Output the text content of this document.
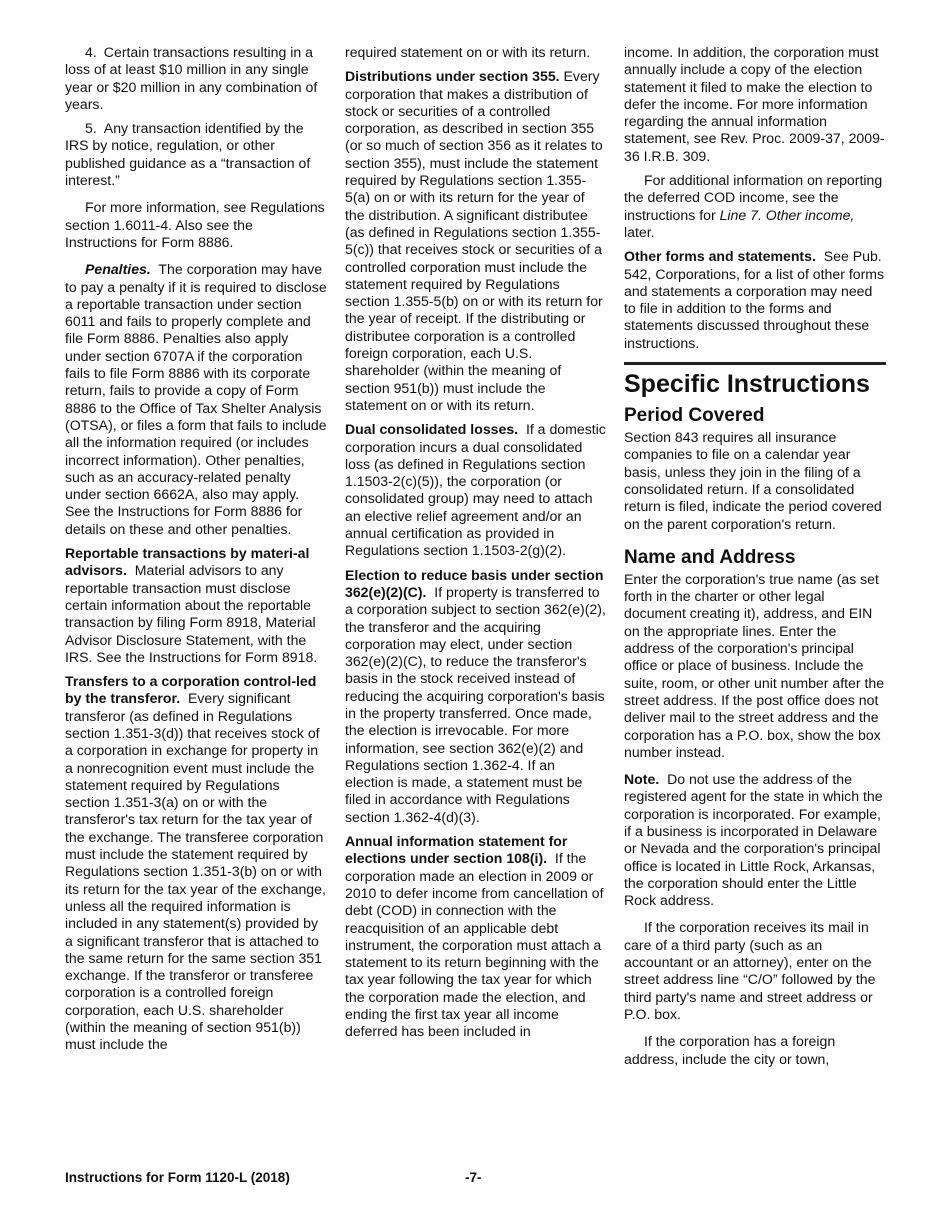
4. Certain transactions resulting in a loss of at least $10 million in any single year or $20 million in any combination of years.

5. Any transaction identified by the IRS by notice, regulation, or other published guidance as a “transaction of interest.”

For more information, see Regulations section 1.6011-4. Also see the Instructions for Form 8886.

Penalties. The corporation may have to pay a penalty if it is required to disclose a reportable transaction under section 6011 and fails to properly complete and file Form 8886. Penalties also apply under section 6707A if the corporation fails to file Form 8886 with its corporate return, fails to provide a copy of Form 8886 to the Office of Tax Shelter Analysis (OTSA), or files a form that fails to include all the information required (or includes incorrect information). Other penalties, such as an accuracy-related penalty under section 6662A, also may apply. See the Instructions for Form 8886 for details on these and other penalties.

Reportable transactions by materi-al advisors. Material advisors to any reportable transaction must disclose certain information about the reportable transaction by filing Form 8918, Material Advisor Disclosure Statement, with the IRS. See the Instructions for Form 8918.

Transfers to a corporation control-led by the transferor. Every significant transferor (as defined in Regulations section 1.351-3(d)) that receives stock of a corporation in exchange for property in a nonrecognition event must include the statement required by Regulations section 1.351-3(a) on or with the transferor's tax return for the tax year of the exchange. The transferee corporation must include the statement required by Regulations section 1.351-3(b) on or with its return for the tax year of the exchange, unless all the required information is included in any statement(s) provided by a significant transferor that is attached to the same return for the same section 351 exchange. If the transferor or transferee corporation is a controlled foreign corporation, each U.S. shareholder (within the meaning of section 951(b)) must include the

required statement on or with its return.

Distributions under section 355. Every corporation that makes a distribution of stock or securities of a controlled corporation, as described in section 355 (or so much of section 356 as it relates to section 355), must include the statement required by Regulations section 1.355-5(a) on or with its return for the year of the distribution. A significant distributee (as defined in Regulations section 1.355-5(c)) that receives stock or securities of a controlled corporation must include the statement required by Regulations section 1.355-5(b) on or with its return for the year of receipt. If the distributing or distributee corporation is a controlled foreign corporation, each U.S. shareholder (within the meaning of section 951(b)) must include the statement on or with its return.

Dual consolidated losses. If a domestic corporation incurs a dual consolidated loss (as defined in Regulations section 1.1503-2(c)(5)), the corporation (or consolidated group) may need to attach an elective relief agreement and/or an annual certification as provided in Regulations section 1.1503-2(g)(2).

Election to reduce basis under section 362(e)(2)(C). If property is transferred to a corporation subject to section 362(e)(2), the transferor and the acquiring corporation may elect, under section 362(e)(2)(C), to reduce the transferor's basis in the stock received instead of reducing the acquiring corporation's basis in the property transferred. Once made, the election is irrevocable. For more information, see section 362(e)(2) and Regulations section 1.362-4. If an election is made, a statement must be filed in accordance with Regulations section 1.362-4(d)(3).

Annual information statement for elections under section 108(i). If the corporation made an election in 2009 or 2010 to defer income from cancellation of debt (COD) in connection with the reacquisition of an applicable debt instrument, the corporation must attach a statement to its return beginning with the tax year following the tax year for which the corporation made the election, and ending the first tax year all income deferred has been included in

income. In addition, the corporation must annually include a copy of the election statement it filed to make the election to defer the income. For more information regarding the annual information statement, see Rev. Proc. 2009-37, 2009-36 I.R.B. 309.

For additional information on reporting the deferred COD income, see the instructions for Line 7. Other income, later.

Other forms and statements. See Pub. 542, Corporations, for a list of other forms and statements a corporation may need to file in addition to the forms and statements discussed throughout these instructions.

Specific Instructions
Period Covered

Section 843 requires all insurance companies to file on a calendar year basis, unless they join in the filing of a consolidated return. If a consolidated return is filed, indicate the period covered on the parent corporation's return.

Name and Address

Enter the corporation's true name (as set forth in the charter or other legal document creating it), address, and EIN on the appropriate lines. Enter the address of the corporation's principal office or place of business. Include the suite, room, or other unit number after the street address. If the post office does not deliver mail to the street address and the corporation has a P.O. box, show the box number instead.

Note. Do not use the address of the registered agent for the state in which the corporation is incorporated. For example, if a business is incorporated in Delaware or Nevada and the corporation's principal office is located in Little Rock, Arkansas, the corporation should enter the Little Rock address.

If the corporation receives its mail in care of a third party (such as an accountant or an attorney), enter on the street address line “C/O” followed by the third party's name and street address or P.O. box.

If the corporation has a foreign address, include the city or town,

Instructions for Form 1120-L (2018)	-7-
